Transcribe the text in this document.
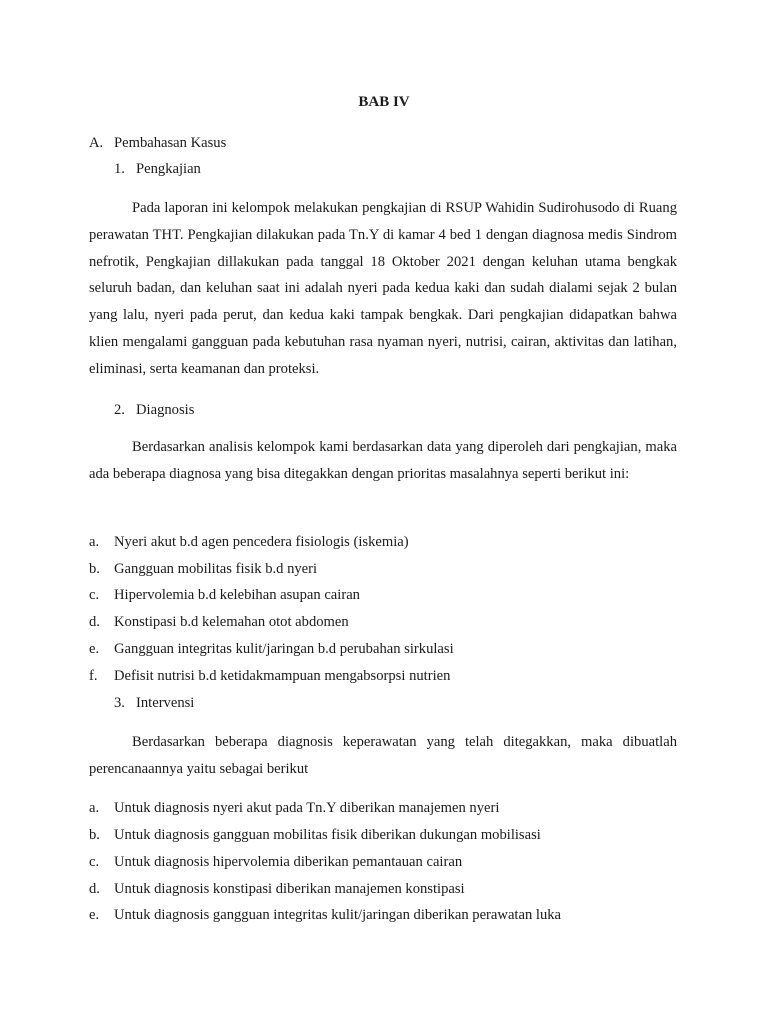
BAB IV
A. Pembahasan Kasus
1. Pengkajian

Pada laporan ini kelompok melakukan pengkajian di RSUP Wahidin Sudirohusodo di Ruang perawatan THT. Pengkajian dilakukan pada Tn.Y di kamar 4 bed 1 dengan diagnosa medis Sindrom nefrotik, Pengkajian dillakukan pada tanggal 18 Oktober 2021 dengan keluhan utama bengkak seluruh badan, dan keluhan saat ini adalah nyeri pada kedua kaki dan sudah dialami sejak 2 bulan yang lalu, nyeri pada perut, dan kedua kaki tampak bengkak. Dari pengkajian didapatkan bahwa klien mengalami gangguan pada kebutuhan rasa nyaman nyeri, nutrisi, cairan, aktivitas dan latihan, eliminasi, serta keamanan dan proteksi.

2. Diagnosis

Berdasarkan analisis kelompok kami berdasarkan data yang diperoleh dari pengkajian, maka ada beberapa diagnosa yang bisa ditegakkan dengan prioritas masalahnya seperti berikut ini:

a. Nyeri akut b.d agen pencedera fisiologis (iskemia)
b. Gangguan mobilitas fisik b.d nyeri
c. Hipervolemia b.d kelebihan asupan cairan
d. Konstipasi b.d kelemahan otot abdomen
e. Gangguan integritas kulit/jaringan b.d perubahan sirkulasi
f. Defisit nutrisi b.d ketidakmampuan mengabsorpsi nutrien
3. Intervensi

Berdasarkan beberapa diagnosis keperawatan yang telah ditegakkan, maka dibuatlah perencanaannya yaitu sebagai berikut

a. Untuk diagnosis nyeri akut pada Tn.Y diberikan manajemen nyeri
b. Untuk diagnosis gangguan mobilitas fisik diberikan dukungan mobilisasi
c. Untuk diagnosis hipervolemia diberikan pemantauan cairan
d. Untuk diagnosis konstipasi diberikan manajemen konstipasi
e. Untuk diagnosis gangguan integritas kulit/jaringan diberikan perawatan luka
